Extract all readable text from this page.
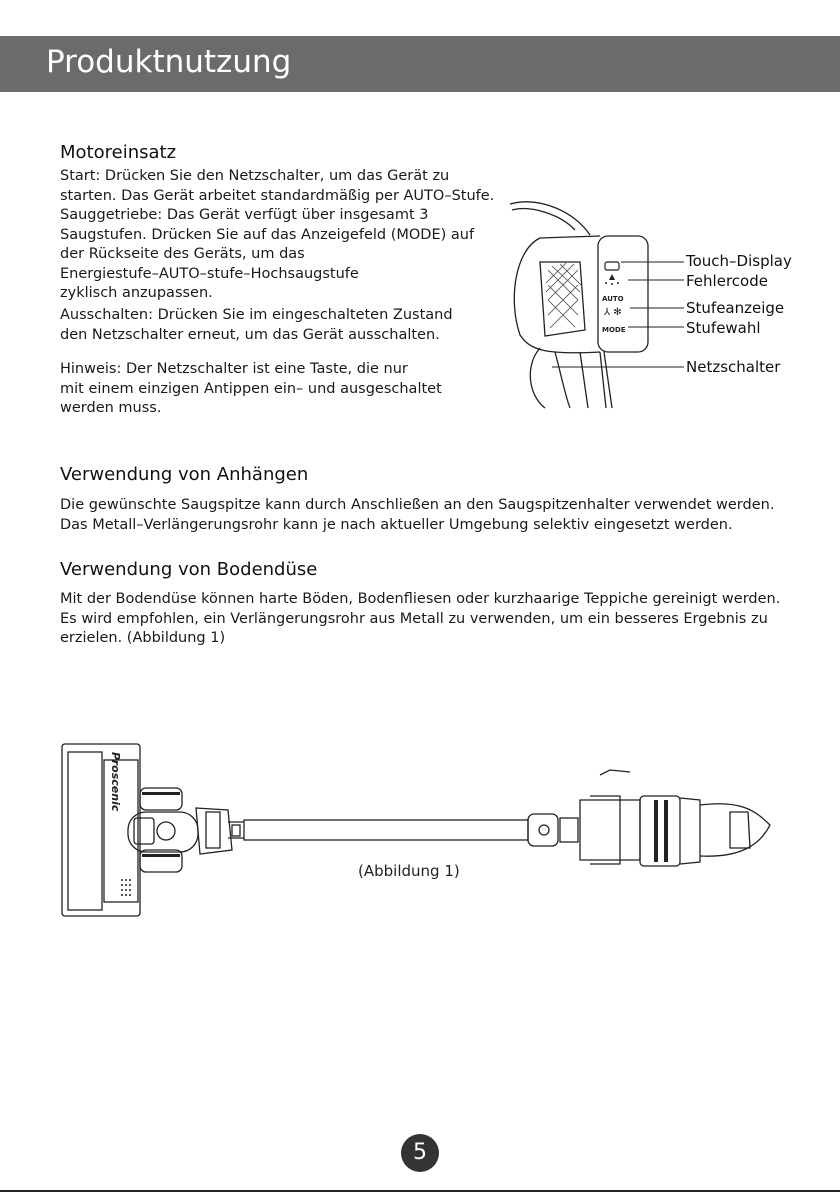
Produktnutzung
Motoreinsatz

Start: Drücken Sie den Netzschalter, um das Gerät zu
starten. Das Gerät arbeitet standardmäßig per AUTO–Stufe.
Sauggetriebe: Das Gerät verfügt über insgesamt 3
Saugstufen. Drücken Sie auf das Anzeigefeld (MODE) auf
der Rückseite des Geräts, um das
Energiestufe–AUTO–stufe–Hochsaugstufe
zyklisch anzupassen.

Ausschalten: Drücken Sie im eingeschalteten Zustand
den Netzschalter erneut, um das Gerät ausschalten.

Hinweis: Der Netzschalter ist eine Taste, die nur
mit einem einzigen Antippen ein– und ausgeschaltet
werden muss.

AUTO
⅄ ✻
MODE
Touch–Display
Fehlercode
Stufeanzeige
Stufewahl
Netzschalter
Verwendung von Anhängen

Die gewünschte Saugspitze kann durch Anschließen an den Saugspitzenhalter verwendet werden.
Das Metall–Verlängerungsrohr kann je nach aktueller Umgebung selektiv eingesetzt werden.

Verwendung von Bodendüse

Mit der Bodendüse können harte Böden, Bodenfliesen oder kurzhaarige Teppiche gereinigt werden.
Es wird empfohlen, ein Verlängerungsrohr aus Metall zu verwenden, um ein besseres Ergebnis zu
erzielen. (Abbildung 1)

Proscenic
(Abbildung 1)
5
